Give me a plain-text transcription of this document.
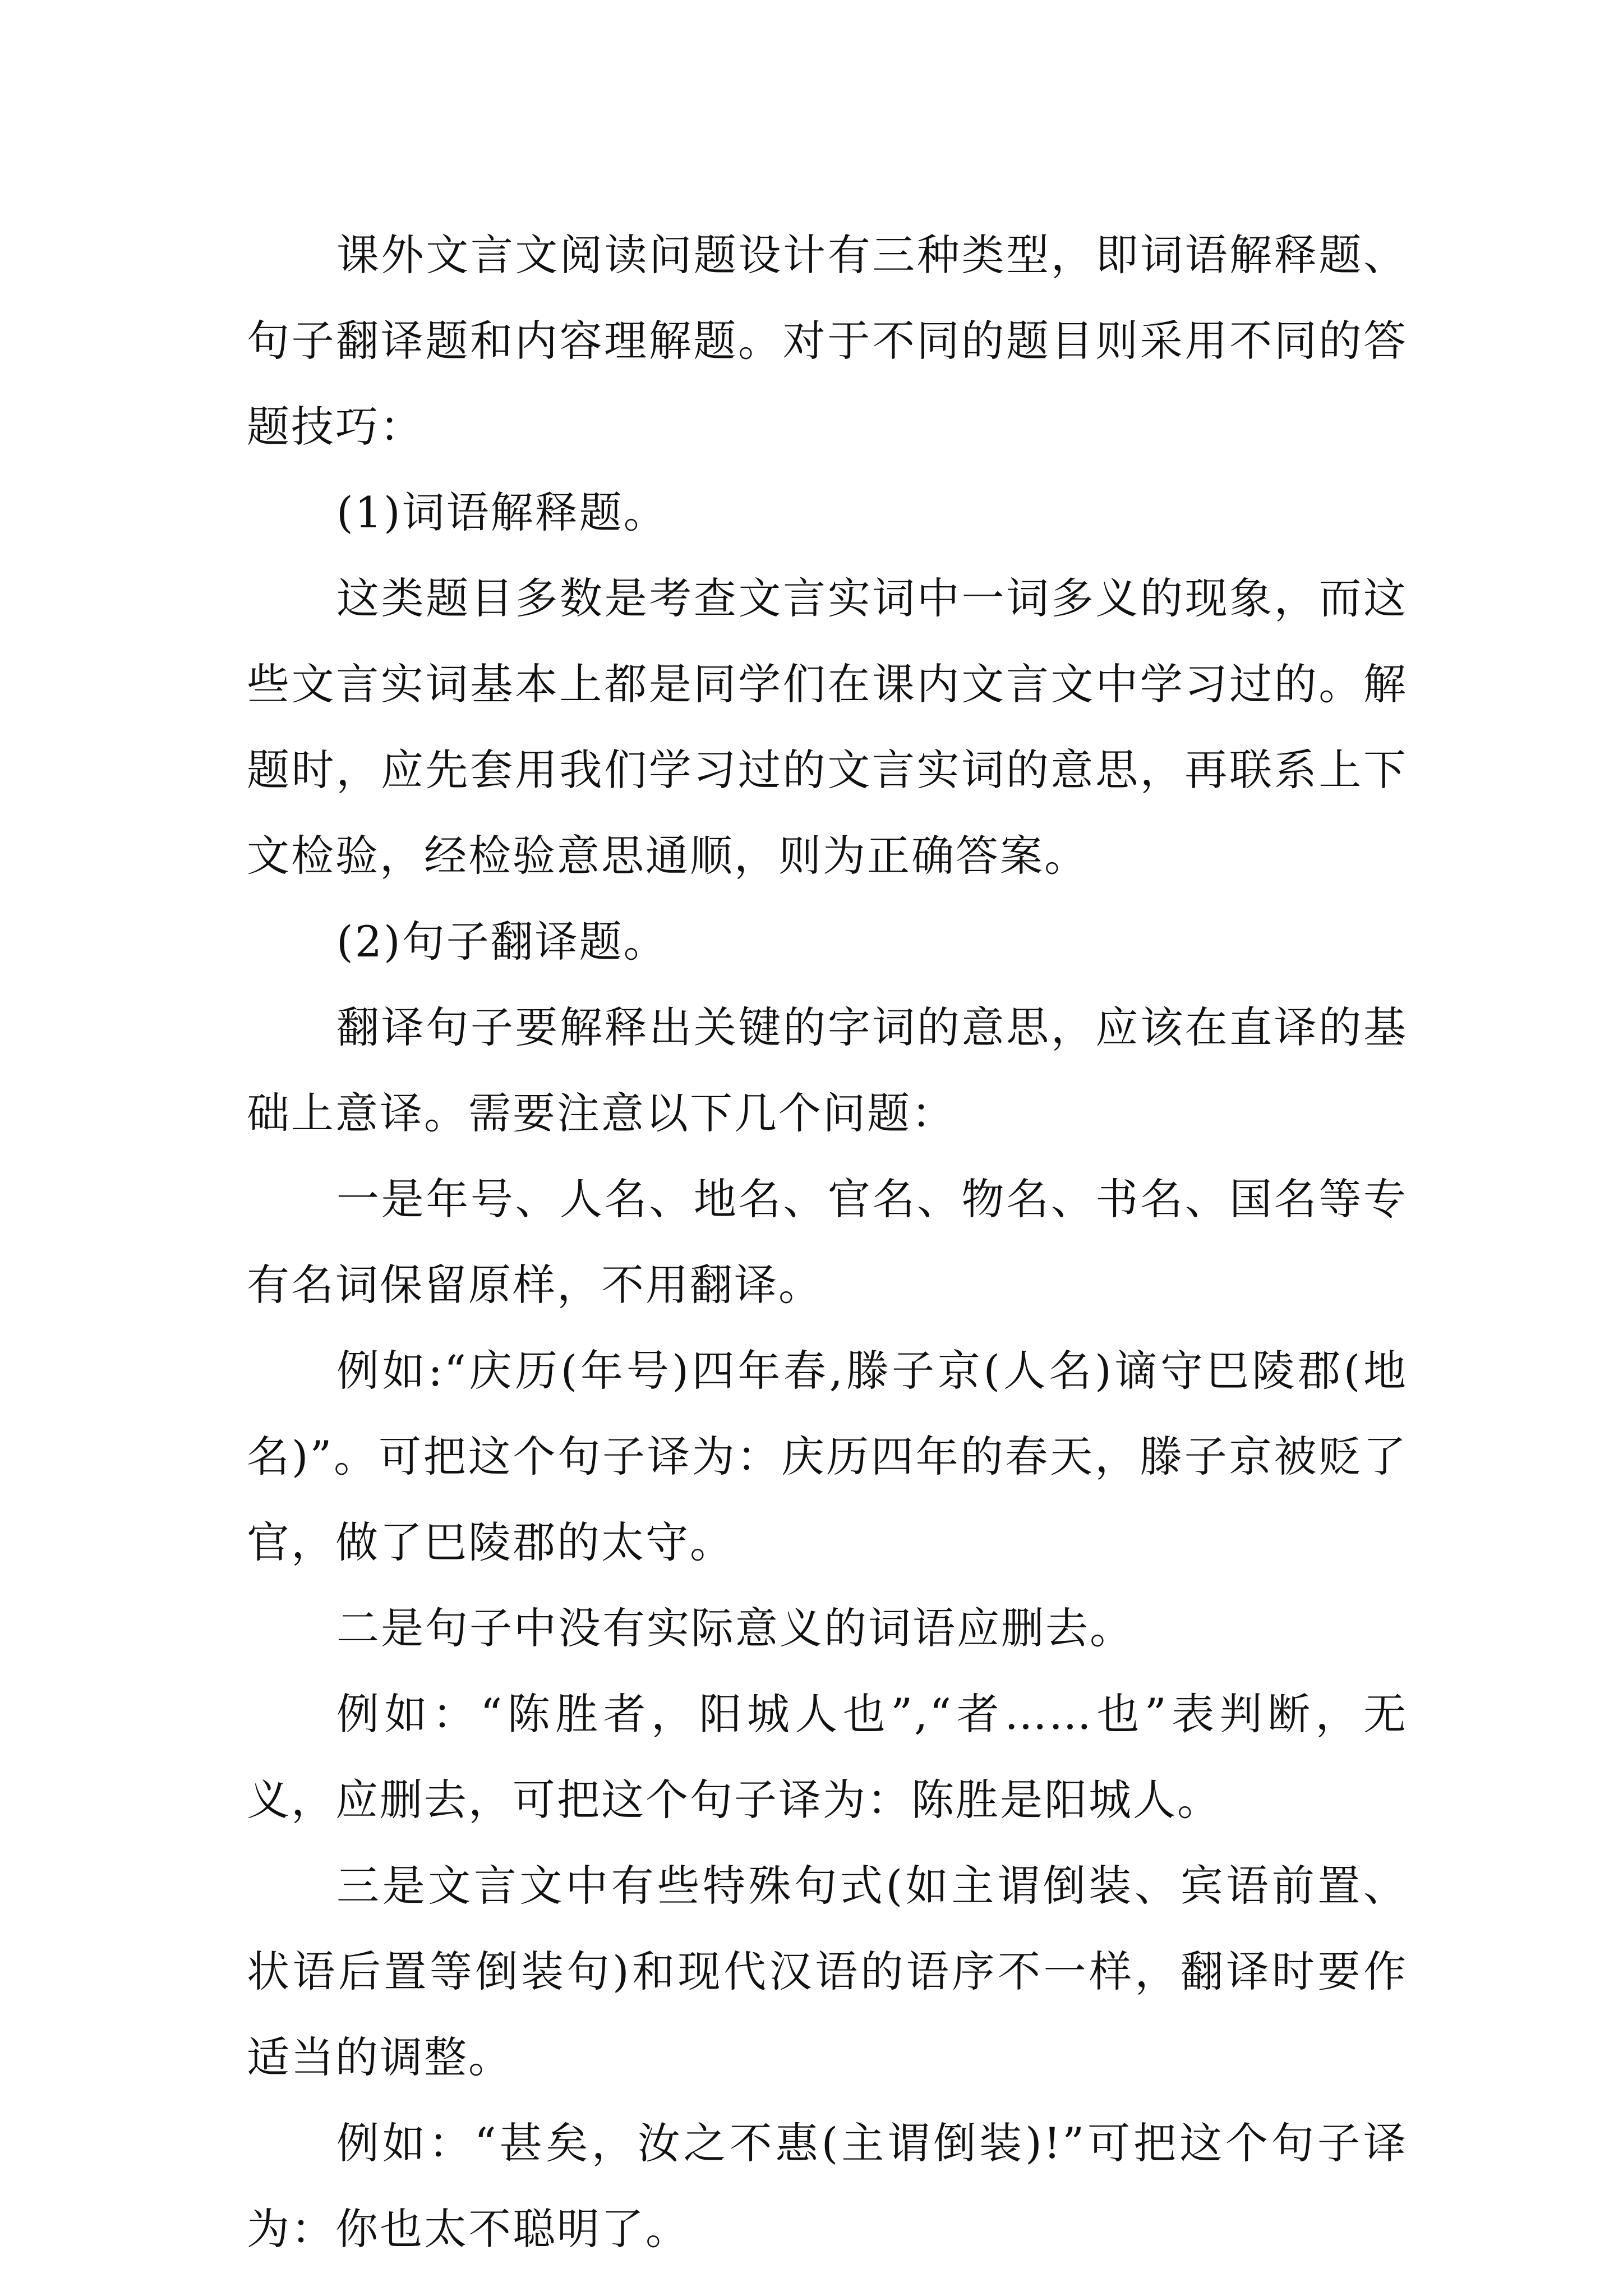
课外文言文阅读问题设计有三种类型，即词语解释题、句子翻译题和内容理解题。对于不同的题目则采用不同的答题技巧：

(1)词语解释题。

这类题目多数是考查文言实词中一词多义的现象，而这些文言实词基本上都是同学们在课内文言文中学习过的。解题时，应先套用我们学习过的文言实词的意思，再联系上下文检验，经检验意思通顺，则为正确答案。

(2)句子翻译题。

翻译句子要解释出关键的字词的意思，应该在直译的基础上意译。需要注意以下几个问题：

一是年号、人名、地名、官名、物名、书名、国名等专有名词保留原样，不用翻译。

例如:“庆历(年号)四年春,滕子京(人名)谪守巴陵郡(地名)”。可把这个句子译为：庆历四年的春天，滕子京被贬了官，做了巴陵郡的太守。

二是句子中没有实际意义的词语应删去。

例如：“陈胜者，阳城人也”,“者……也”表判断，无义，应删去，可把这个句子译为：陈胜是阳城人。

三是文言文中有些特殊句式(如主谓倒装、宾语前置、状语后置等倒装句)和现代汉语的语序不一样，翻译时要作适当的调整。

例如：“甚矣，汝之不惠(主谓倒装)!”可把这个句子译为：你也太不聪明了。
